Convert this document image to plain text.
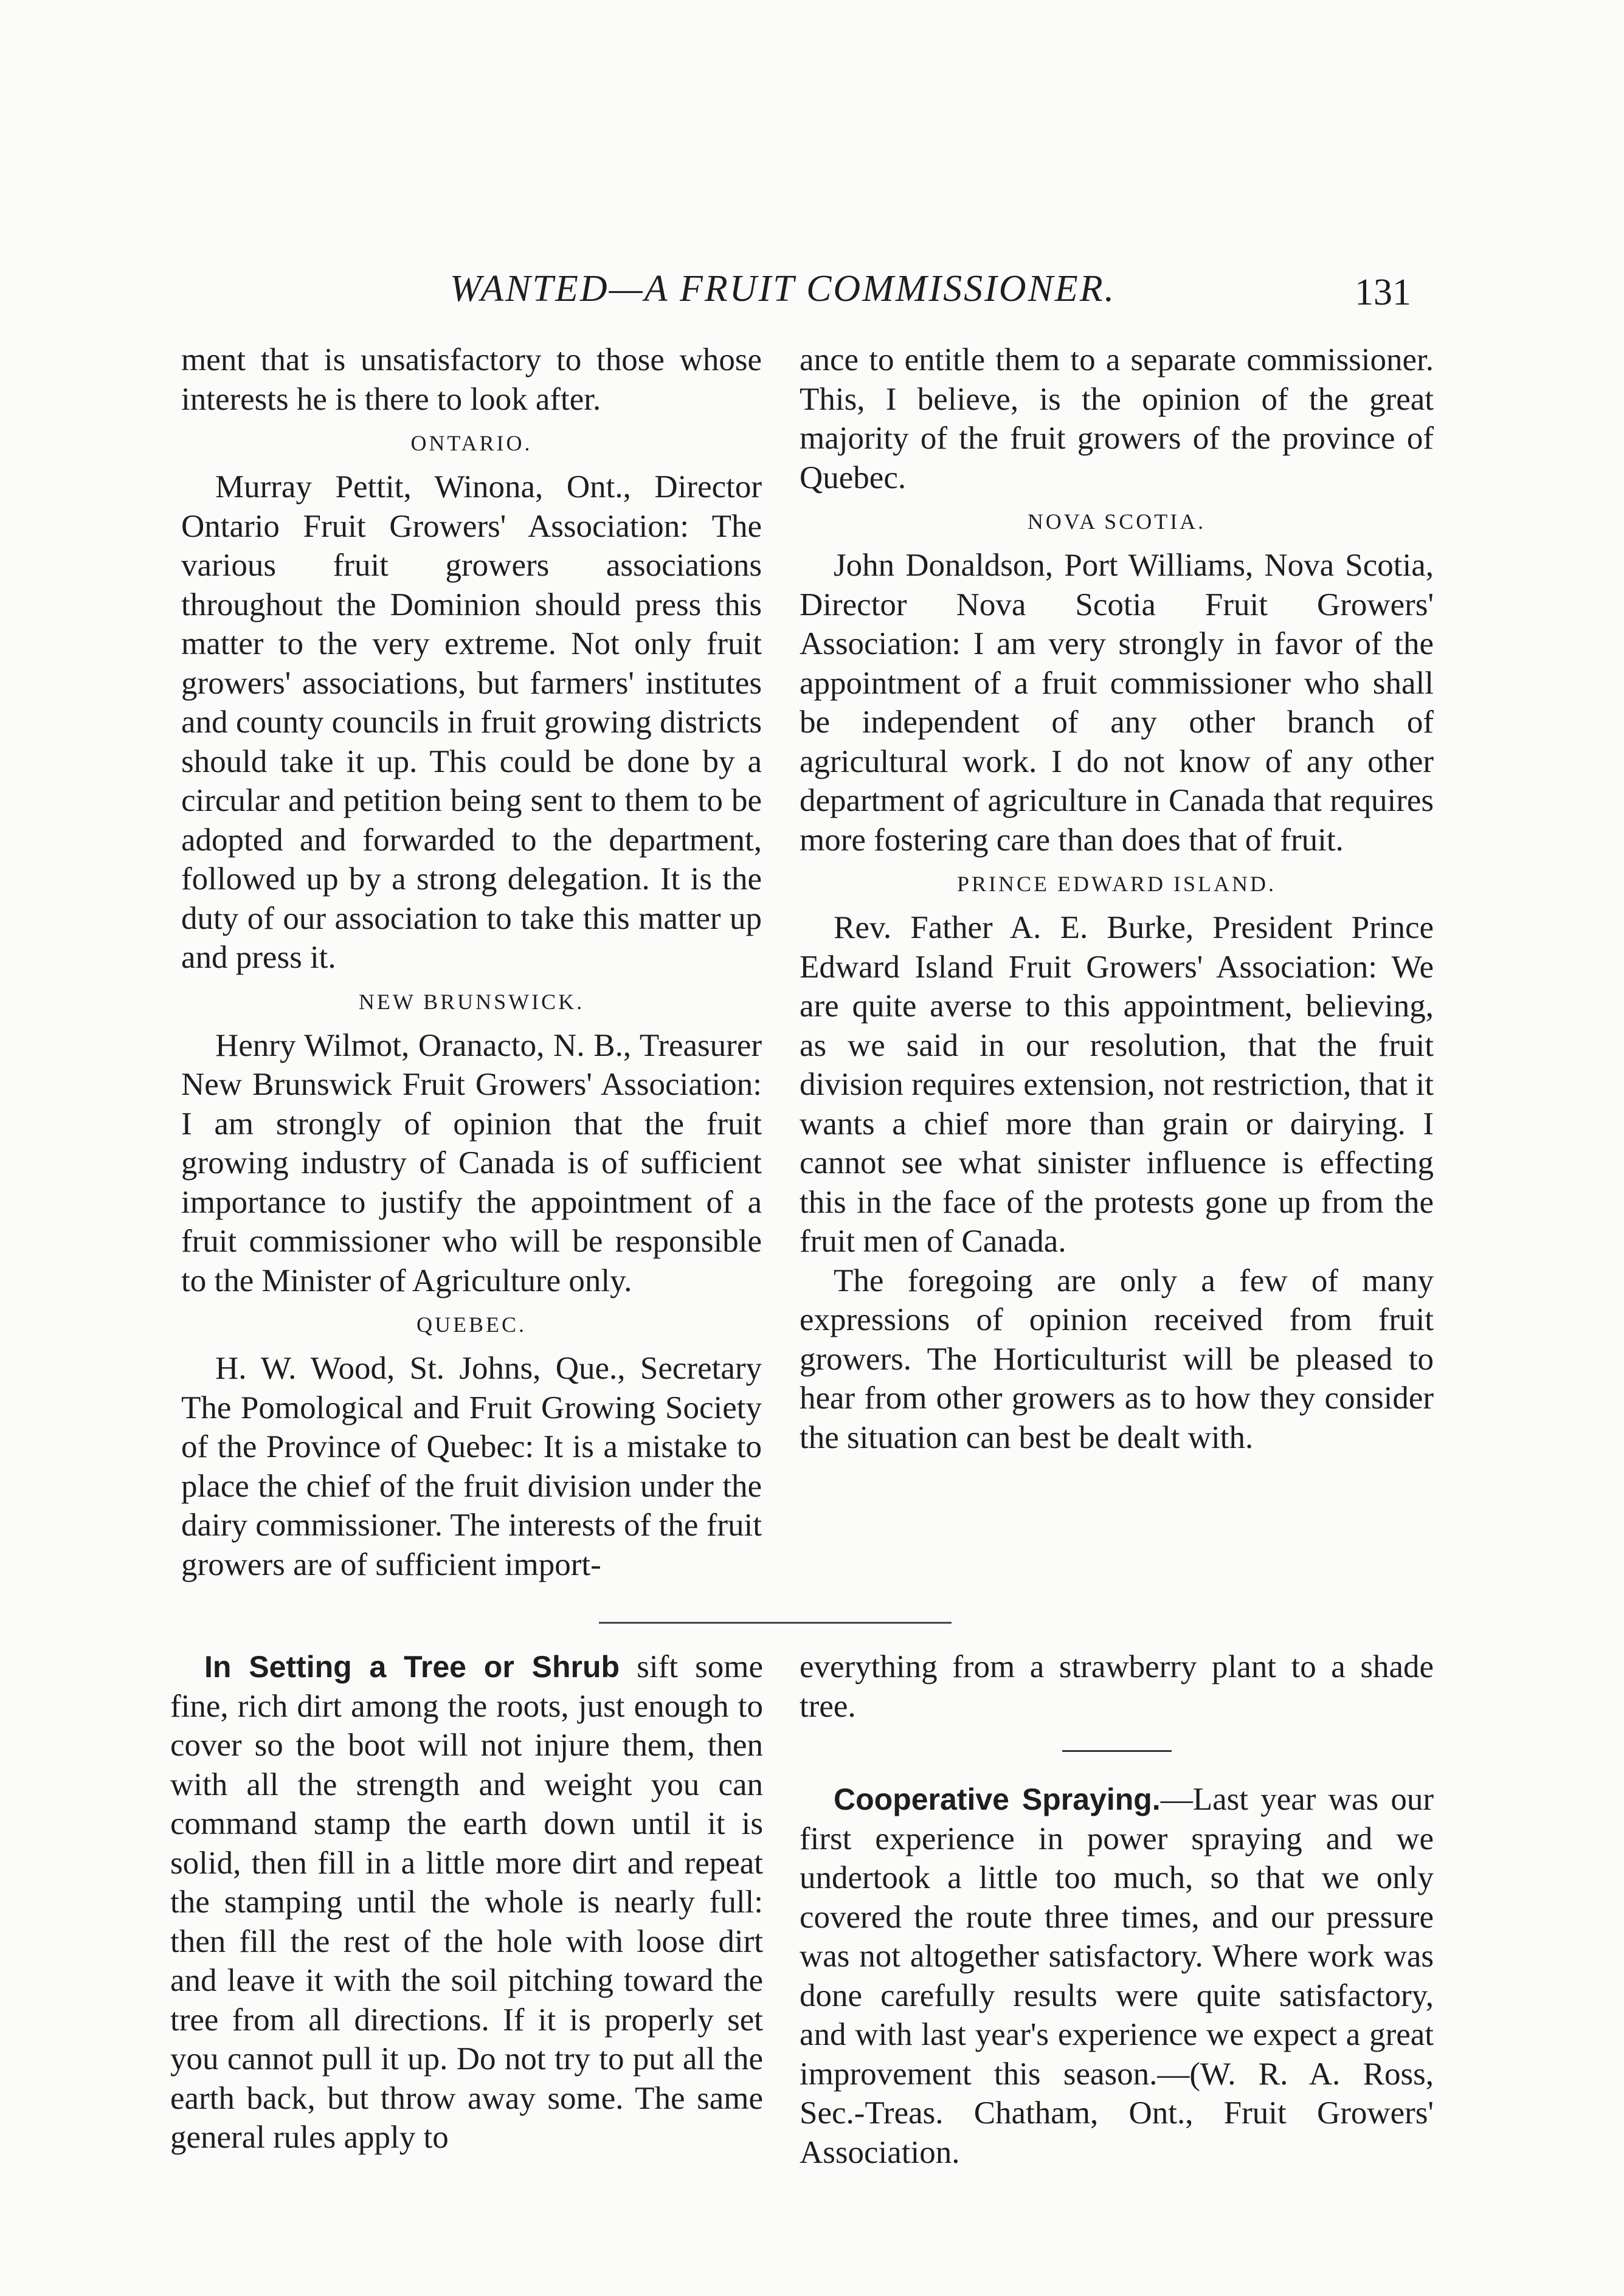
WANTED—A FRUIT COMMISSIONER.	131

ment that is unsatisfactory to those whose interests he is there to look after.

ONTARIO.

Murray Pettit, Winona, Ont., Director Ontario Fruit Growers' Association: The various fruit growers associations throughout the Dominion should press this matter to the very extreme. Not only fruit growers' associations, but farmers' institutes and county councils in fruit growing districts should take it up. This could be done by a circular and petition being sent to them to be adopted and forwarded to the department, followed up by a strong delegation. It is the duty of our association to take this matter up and press it.

NEW BRUNSWICK.

Henry Wilmot, Oranacto, N. B., Treasurer New Brunswick Fruit Growers' Association: I am strongly of opinion that the fruit growing industry of Canada is of sufficient importance to justify the appointment of a fruit commissioner who will be responsible to the Minister of Agriculture only.

QUEBEC.

H. W. Wood, St. Johns, Que., Secretary The Pomological and Fruit Growing Society of the Province of Quebec: It is a mistake to place the chief of the fruit division under the dairy commissioner. The interests of the fruit growers are of sufficient import-

ance to entitle them to a separate commissioner. This, I believe, is the opinion of the great majority of the fruit growers of the province of Quebec.

NOVA SCOTIA.

John Donaldson, Port Williams, Nova Scotia, Director Nova Scotia Fruit Growers' Association: I am very strongly in favor of the appointment of a fruit commissioner who shall be independent of any other branch of agricultural work. I do not know of any other department of agriculture in Canada that requires more fostering care than does that of fruit.

PRINCE EDWARD ISLAND.

Rev. Father A. E. Burke, President Prince Edward Island Fruit Growers' Association: We are quite averse to this appointment, believing, as we said in our resolution, that the fruit division requires extension, not restriction, that it wants a chief more than grain or dairying. I cannot see what sinister influence is effecting this in the face of the protests gone up from the fruit men of Canada.

The foregoing are only a few of many expressions of opinion received from fruit growers. The Horticulturist will be pleased to hear from other growers as to how they consider the situation can best be dealt with.

In Setting a Tree or Shrub sift some fine, rich dirt among the roots, just enough to cover so the boot will not injure them, then with all the strength and weight you can command stamp the earth down until it is solid, then fill in a little more dirt and repeat the stamping until the whole is nearly full: then fill the rest of the hole with loose dirt and leave it with the soil pitching toward the tree from all directions. If it is properly set you cannot pull it up. Do not try to put all the earth back, but throw away some. The same general rules apply to

everything from a strawberry plant to a shade tree.

Cooperative Spraying.—Last year was our first experience in power spraying and we undertook a little too much, so that we only covered the route three times, and our pressure was not altogether satisfactory. Where work was done carefully results were quite satisfactory, and with last year's experience we expect a great improvement this season.—(W. R. A. Ross, Sec.-Treas. Chatham, Ont., Fruit Growers' Association.
